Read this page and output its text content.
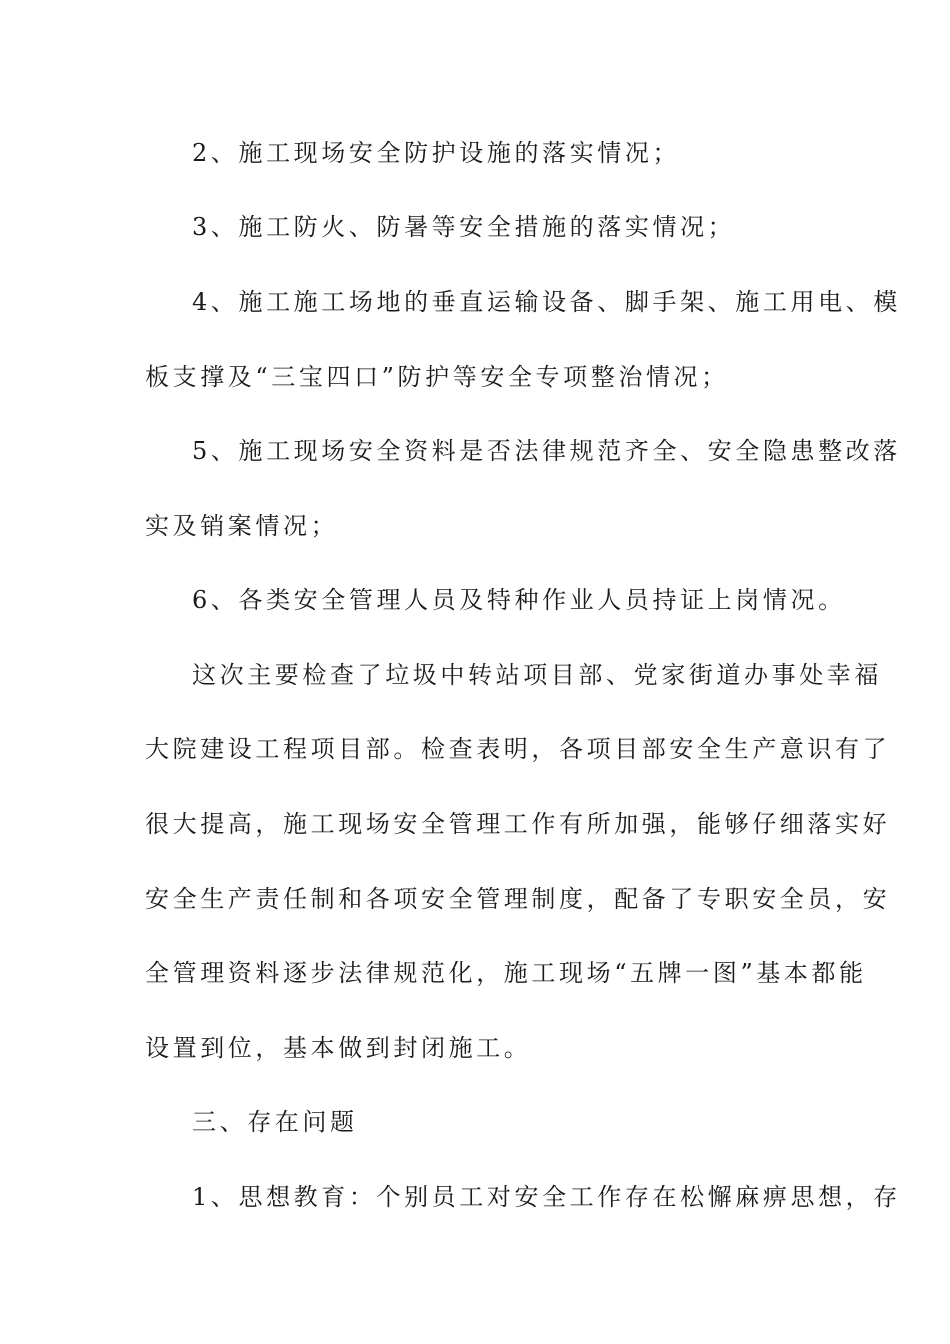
2、施工现场安全防护设施的落实情况；
3、施工防火、防暑等安全措施的落实情况；
4、施工施工场地的垂直运输设备、脚手架、施工用电、模
板支撑及“三宝四口”防护等安全专项整治情况；
5、施工现场安全资料是否法律规范齐全、安全隐患整改落
实及销案情况；
6、各类安全管理人员及特种作业人员持证上岗情况。
这次主要检查了垃圾中转站项目部、党家街道办事处幸福
大院建设工程项目部。检查表明，各项目部安全生产意识有了
很大提高，施工现场安全管理工作有所加强，能够仔细落实好
安全生产责任制和各项安全管理制度，配备了专职安全员，安
全管理资料逐步法律规范化，施工现场“五牌一图”基本都能
设置到位，基本做到封闭施工。
三、存在问题
1、思想教育：个别员工对安全工作存在松懈麻痹思想，存
